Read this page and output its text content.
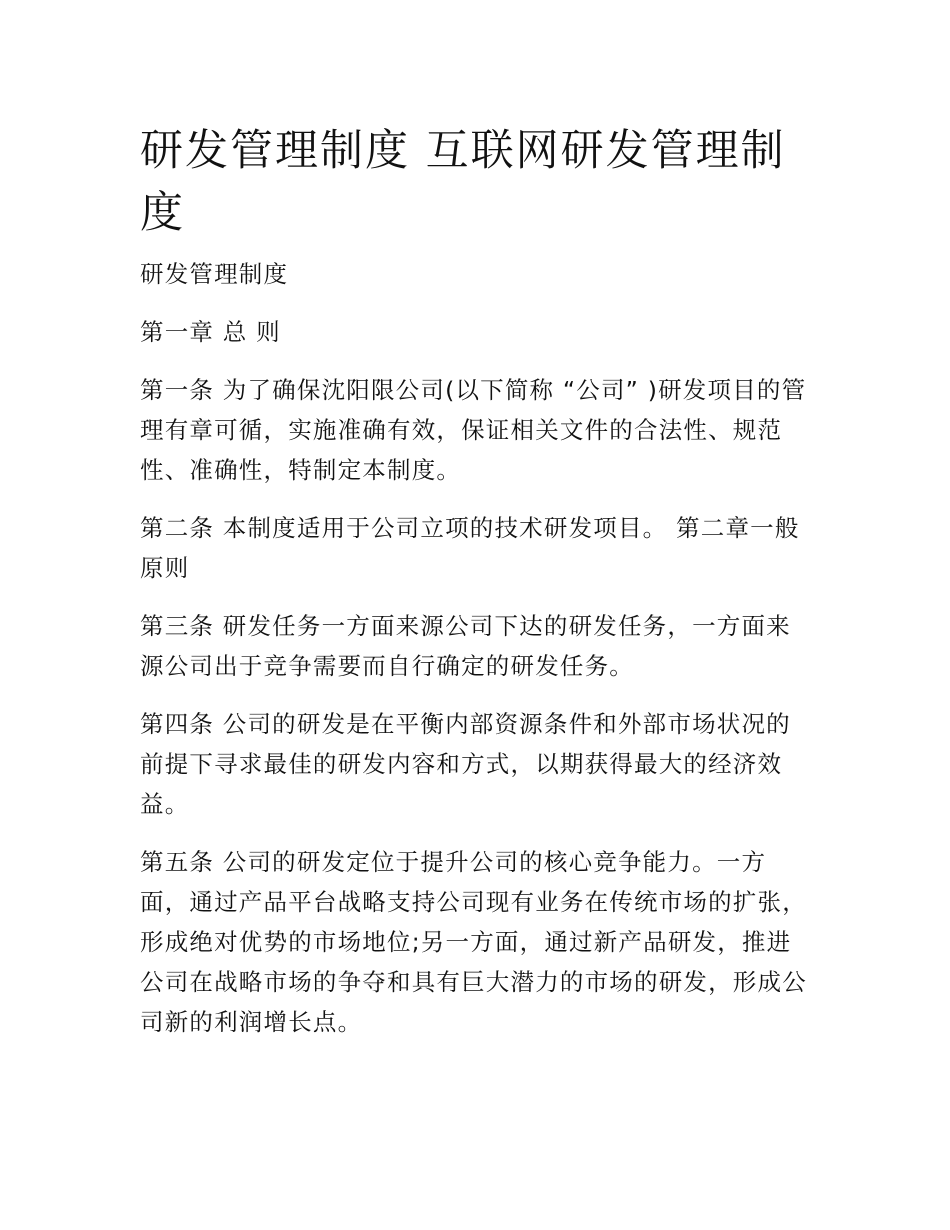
研发管理制度 互联网研发管理制度

研发管理制度

第一章 总 则

第一条 为了确保沈阳限公司(以下简称 “公司” )研发项目的管理有章可循，实施准确有效，保证相关文件的合法性、规范性、准确性，特制定本制度。

第二条 本制度适用于公司立项的技术研发项目。 第二章一般原则

第三条 研发任务一方面来源公司下达的研发任务，一方面来源公司出于竞争需要而自行确定的研发任务。

第四条 公司的研发是在平衡内部资源条件和外部市场状况的前提下寻求最佳的研发内容和方式，以期获得最大的经济效益。

第五条 公司的研发定位于提升公司的核心竞争能力。一方面，通过产品平台战略支持公司现有业务在传统市场的扩张，形成绝对优势的市场地位;另一方面，通过新产品研发，推进公司在战略市场的争夺和具有巨大潜力的市场的研发，形成公司新的利润增长点。
